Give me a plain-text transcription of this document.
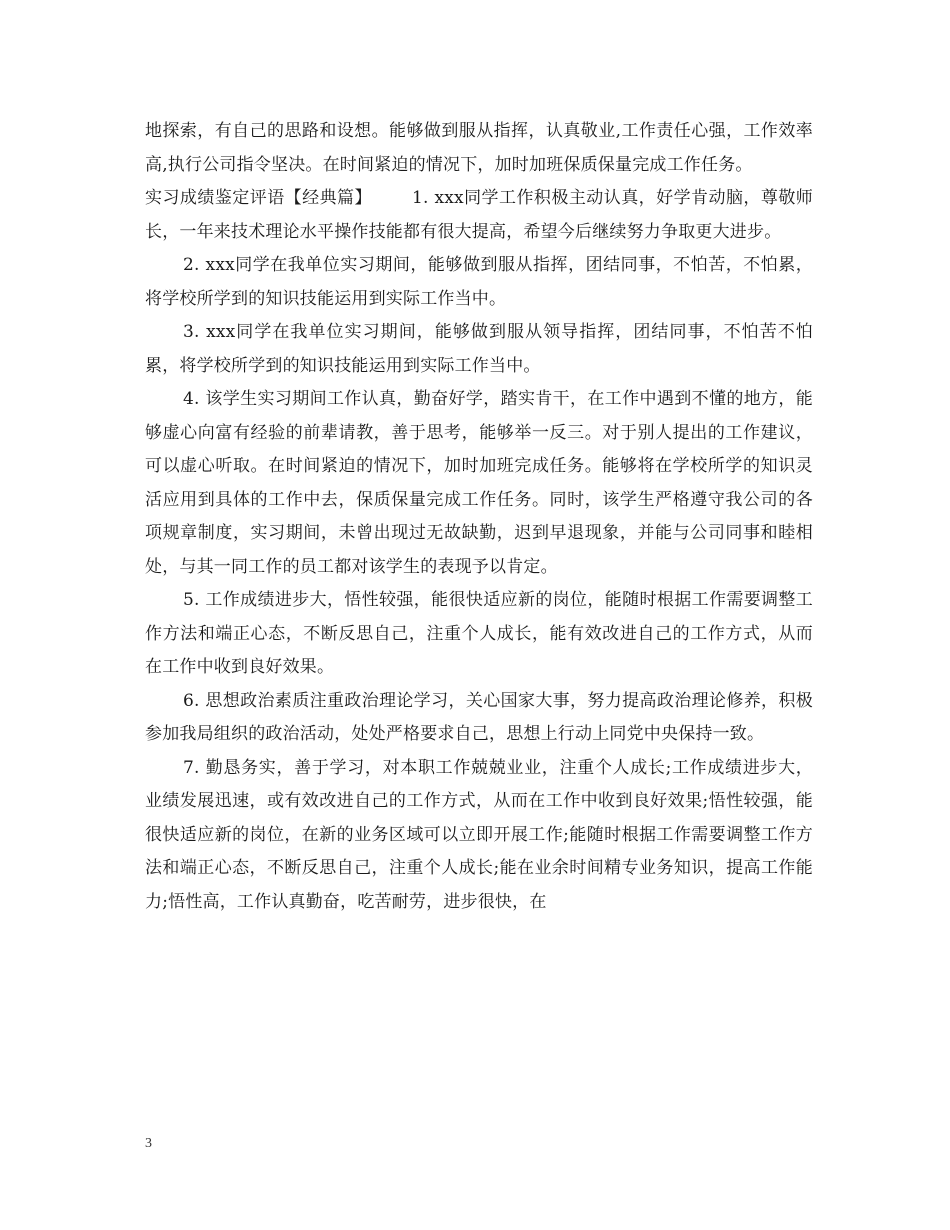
地探索，有自己的思路和设想。能够做到服从指挥，认真敬业,工作责任心强，工作效率高,执行公司指令坚决。在时间紧迫的情况下，加时加班保质保量完成工作任务。

实习成绩鉴定评语【经典篇】 1. xxx同学工作积极主动认真，好学肯动脑，尊敬师长，一年来技术理论水平操作技能都有很大提高，希望今后继续努力争取更大进步。

2. xxx同学在我单位实习期间，能够做到服从指挥，团结同事，不怕苦，不怕累，将学校所学到的知识技能运用到实际工作当中。

3. xxx同学在我单位实习期间，能够做到服从领导指挥，团结同事，不怕苦不怕累，将学校所学到的知识技能运用到实际工作当中。

4. 该学生实习期间工作认真，勤奋好学，踏实肯干，在工作中遇到不懂的地方，能够虚心向富有经验的前辈请教，善于思考，能够举一反三。对于别人提出的工作建议，可以虚心听取。在时间紧迫的情况下，加时加班完成任务。能够将在学校所学的知识灵活应用到具体的工作中去，保质保量完成工作任务。同时，该学生严格遵守我公司的各项规章制度，实习期间，未曾出现过无故缺勤，迟到早退现象，并能与公司同事和睦相处，与其一同工作的员工都对该学生的表现予以肯定。

5. 工作成绩进步大，悟性较强，能很快适应新的岗位，能随时根据工作需要调整工作方法和端正心态，不断反思自己，注重个人成长，能有效改进自己的工作方式，从而在工作中收到良好效果。

6. 思想政治素质注重政治理论学习，关心国家大事，努力提高政治理论修养，积极参加我局组织的政治活动，处处严格要求自己，思想上行动上同党中央保持一致。

7. 勤恳务实，善于学习，对本职工作兢兢业业，注重个人成长;工作成绩进步大，业绩发展迅速，或有效改进自己的工作方式，从而在工作中收到良好效果;悟性较强，能很快适应新的岗位，在新的业务区域可以立即开展工作;能随时根据工作需要调整工作方法和端正心态，不断反思自己，注重个人成长;能在业余时间精专业务知识，提高工作能力;悟性高，工作认真勤奋，吃苦耐劳，进步很快，在

3
